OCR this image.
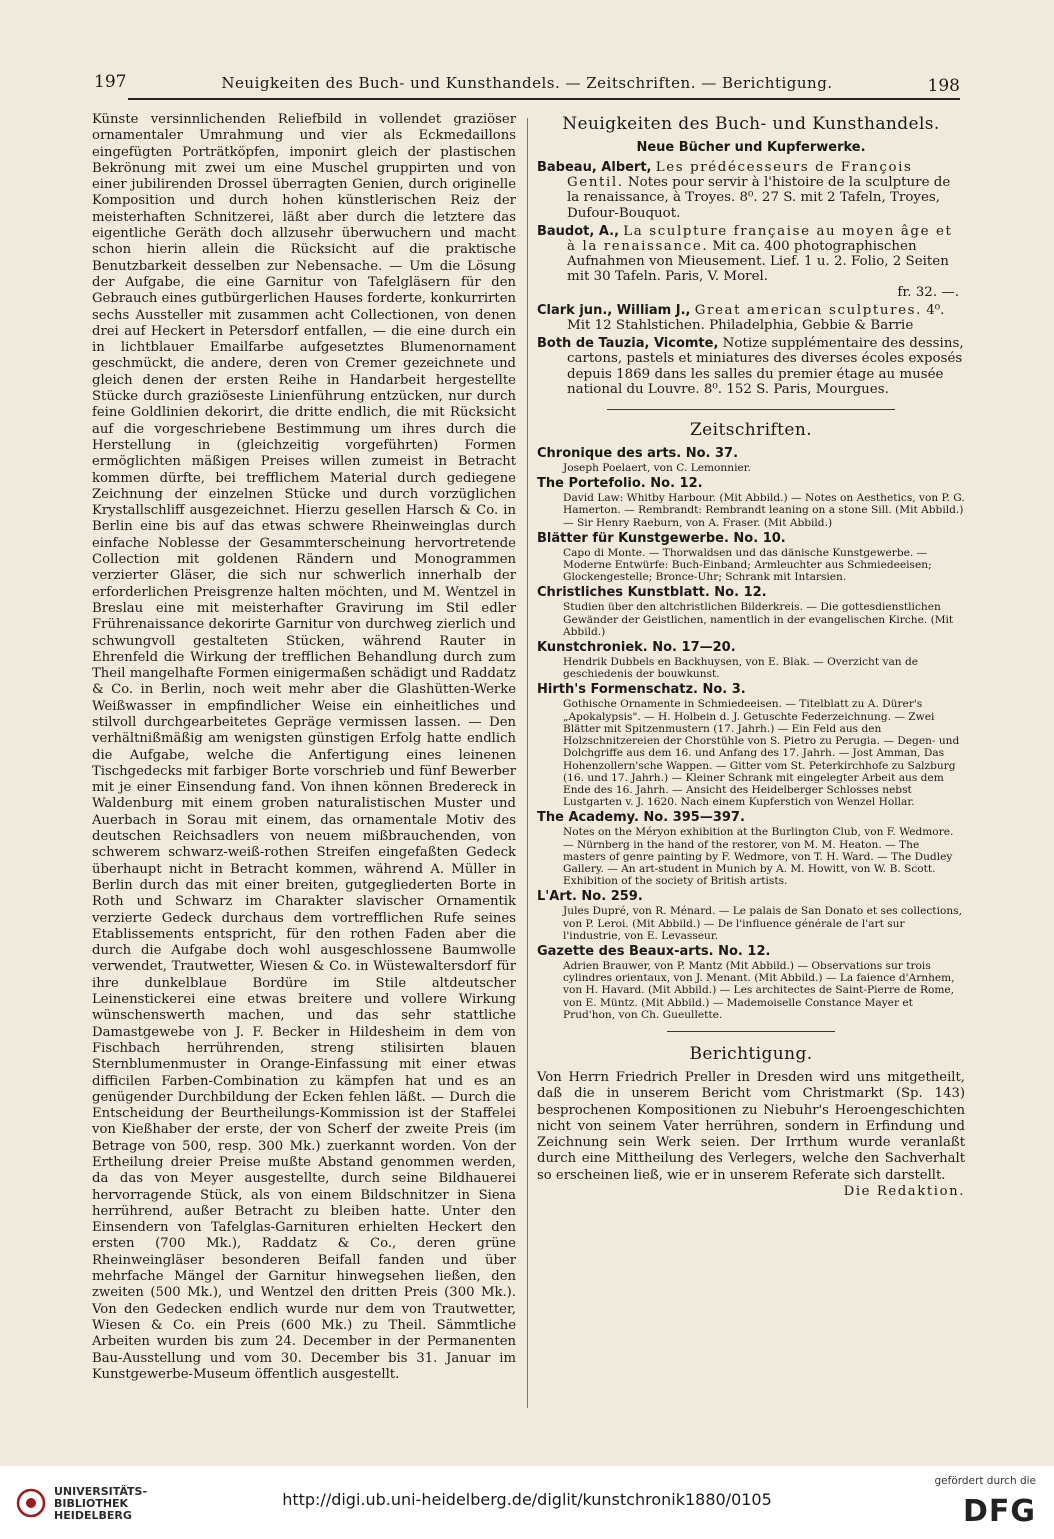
197	Neuigkeiten des Buch- und Kunsthandels. — Zeitschriften. — Berichtigung.	198

Künste versinnlichenden Reliefbild in vollendet graziöser ornamentaler Umrahmung und vier als Eckmedaillons eingefügten Porträtköpfen, imponirt gleich der plastischen Bekrönung mit zwei um eine Muschel gruppirten und von einer jubilirenden Drossel überragten Genien, durch originelle Komposition und durch hohen künstlerischen Reiz der meisterhaften Schnitzerei, läßt aber durch die letztere das eigentliche Geräth doch allzusehr überwuchern und macht schon hierin allein die Rücksicht auf die praktische Benutzbarkeit desselben zur Nebensache. — Um die Lösung der Aufgabe, die eine Garnitur von Tafelgläsern für den Gebrauch eines gutbürgerlichen Hauses forderte, konkurrirten sechs Aussteller mit zusammen acht Collectionen, von denen drei auf Heckert in Petersdorf entfallen, — die eine durch ein in lichtblauer Emailfarbe aufgesetztes Blumenornament geschmückt, die andere, deren von Cremer gezeichnete und gleich denen der ersten Reihe in Handarbeit hergestellte Stücke durch graziöseste Linienführung entzücken, nur durch feine Goldlinien dekorirt, die dritte endlich, die mit Rücksicht auf die vorgeschriebene Bestimmung um ihres durch die Herstellung in (gleichzeitig vorgeführten) Formen ermöglichten mäßigen Preises willen zumeist in Betracht kommen dürfte, bei trefflichem Material durch gediegene Zeichnung der einzelnen Stücke und durch vorzüglichen Krystallschliff ausgezeichnet. Hierzu gesellen Harsch & Co. in Berlin eine bis auf das etwas schwere Rheinweinglas durch einfache Noblesse der Gesammterscheinung hervortretende Collection mit goldenen Rändern und Monogrammen verzierter Gläser, die sich nur schwerlich innerhalb der erforderlichen Preisgrenze halten möchten, und M. Wentzel in Breslau eine mit meisterhafter Gravirung im Stil edler Frührenaissance dekorirte Garnitur von durchweg zierlich und schwungvoll gestalteten Stücken, während Rauter in Ehrenfeld die Wirkung der trefflichen Behandlung durch zum Theil mangelhafte Formen einigermaßen schädigt und Raddatz & Co. in Berlin, noch weit mehr aber die Glashütten-Werke Weißwasser in empfindlicher Weise ein einheitliches und stilvoll durchgearbeitetes Gepräge vermissen lassen. — Den verhältnißmäßig am wenigsten günstigen Erfolg hatte endlich die Aufgabe, welche die Anfertigung eines leinenen Tischgedecks mit farbiger Borte vorschrieb und fünf Bewerber mit je einer Einsendung fand. Von ihnen können Bredereck in Waldenburg mit einem groben naturalistischen Muster und Auerbach in Sorau mit einem, das ornamentale Motiv des deutschen Reichsadlers von neuem mißbrauchenden, von schwerem schwarz-weiß-rothen Streifen eingefaßten Gedeck überhaupt nicht in Betracht kommen, während A. Müller in Berlin durch das mit einer breiten, gutgegliederten Borte in Roth und Schwarz im Charakter slavischer Ornamentik verzierte Gedeck durchaus dem vortrefflichen Rufe seines Etablissements entspricht, für den rothen Faden aber die durch die Aufgabe doch wohl ausgeschlossene Baumwolle verwendet, Trautwetter, Wiesen & Co. in Wüstewaltersdorf für ihre dunkelblaue Bordüre im Stile altdeutscher Leinenstickerei eine etwas breitere und vollere Wirkung wünschenswerth machen, und das sehr stattliche Damastgewebe von J. F. Becker in Hildesheim in dem von Fischbach herrührenden, streng stilisirten blauen Sternblumenmuster in Orange-Einfassung mit einer etwas difficilen Farben-Combination zu kämpfen hat und es an genügender Durchbildung der Ecken fehlen läßt. — Durch die Entscheidung der Beurtheilungs-Kommission ist der Staffelei von Kießhaber der erste, der von Scherf der zweite Preis (im Betrage von 500, resp. 300 Mk.) zuerkannt worden. Von der Ertheilung dreier Preise mußte Abstand genommen werden, da das von Meyer ausgestellte, durch seine Bildhauerei hervorragende Stück, als von einem Bildschnitzer in Siena herrührend, außer Betracht zu bleiben hatte. Unter den Einsendern von Tafelglas-Garnituren erhielten Heckert den ersten (700 Mk.), Raddatz & Co., deren grüne Rheinweingläser besonderen Beifall fanden und über mehrfache Mängel der Garnitur hinwegsehen ließen, den zweiten (500 Mk.), und Wentzel den dritten Preis (300 Mk.). Von den Gedecken endlich wurde nur dem von Trautwetter, Wiesen & Co. ein Preis (600 Mk.) zu Theil. Sämmtliche Arbeiten wurden bis zum 24. December in der Permanenten Bau-Ausstellung und vom 30. December bis 31. Januar im Kunstgewerbe-Museum öffentlich ausgestellt.

Neuigkeiten des Buch- und Kunsthandels.
Neue Bücher und Kupferwerke.
Babeau, Albert, Les prédécesseurs de François Gentil. Notes pour servir à l'histoire de la sculpture de la renaissance, à Troyes. 8⁰. 27 S. mit 2 Tafeln, Troyes, Dufour-Bouquot.
Baudot, A., La sculpture française au moyen âge et à la renaissance. Mit ca. 400 photographischen Aufnahmen von Mieusement. Lief. 1 u. 2. Folio, 2 Seiten mit 30 Tafeln. Paris, V. Morel.
fr. 32. —.
Clark jun., William J., Great american sculptures. 4⁰. Mit 12 Stahlstichen. Philadelphia, Gebbie & Barrie
Both de Tauzia, Vicomte, Notize supplémentaire des dessins, cartons, pastels et miniatures des diverses écoles exposés depuis 1869 dans les salles du premier étage au musée national du Louvre. 8⁰. 152 S. Paris, Mourgues.
Zeitschriften.
Chronique des arts. No. 37.

Joseph Poelaert, von C. Lemonnier.

The Portefolio. No. 12.

David Law: Whitby Harbour. (Mit Abbild.) — Notes on Aesthetics, von P. G. Hamerton. — Rembrandt: Rembrandt leaning on a stone Sill. (Mit Abbild.) — Sir Henry Raeburn, von A. Fraser. (Mit Abbild.)

Blätter für Kunstgewerbe. No. 10.

Capo di Monte. — Thorwaldsen und das dänische Kunstgewerbe. — Moderne Entwürfe: Buch-Einband; Armleuchter aus Schmiedeeisen; Glockengestelle; Bronce-Uhr; Schrank mit Intarsien.

Christliches Kunstblatt. No. 12.

Studien über den altchristlichen Bilderkreis. — Die gottesdienstlichen Gewänder der Geistlichen, namentlich in der evangelischen Kirche. (Mit Abbild.)

Kunstchroniek. No. 17—20.

Hendrik Dubbels en Backhuysen, von E. Blak. — Overzicht van de geschiedenis der bouwkunst.

Hirth's Formenschatz. No. 3.

Gothische Ornamente in Schmiedeeisen. — Titelblatt zu A. Dürer's „Apokalypsis". — H. Holbein d. J. Getuschte Federzeichnung. — Zwei Blätter mit Spitzenmustern (17. Jahrh.) — Ein Feld aus den Holzschnitzereien der Chorstühle von S. Pietro zu Perugia. — Degen- und Dolchgriffe aus dem 16. und Anfang des 17. Jahrh. — Jost Amman, Das Hohenzollern'sche Wappen. — Gitter vom St. Peterkirchhofe zu Salzburg (16. und 17. Jahrh.) — Kleiner Schrank mit eingelegter Arbeit aus dem Ende des 16. Jahrh. — Ansicht des Heidelberger Schlosses nebst Lustgarten v. J. 1620. Nach einem Kupferstich von Wenzel Hollar.

The Academy. No. 395—397.

Notes on the Méryon exhibition at the Burlington Club, von F. Wedmore. — Nürnberg in the hand of the restorer, von M. M. Heaton. — The masters of genre painting by F. Wedmore, von T. H. Ward. — The Dudley Gallery. — An art-student in Munich by A. M. Howitt, von W. B. Scott. Exhibition of the society of British artists.

L'Art. No. 259.

Jules Dupré, von R. Ménard. — Le palais de San Donato et ses collections, von P. Leroi. (Mit Abbild.) — De l'influence générale de l'art sur l'industrie, von E. Levasseur.

Gazette des Beaux-arts. No. 12.

Adrien Brauwer, von P. Mantz (Mit Abbild.) — Observations sur trois cylindres orientaux, von J. Menant. (Mit Abbild.) — La faience d'Arnhem, von H. Havard. (Mit Abbild.) — Les architectes de Saint-Pierre de Rome, von E. Müntz. (Mit Abbild.) — Mademoiselle Constance Mayer et Prud'hon, von Ch. Gueullette.

Berichtigung.

Von Herrn Friedrich Preller in Dresden wird uns mitgetheilt, daß die in unserem Bericht vom Christmarkt (Sp. 143) besprochenen Kompositionen zu Niebuhr's Heroengeschichten nicht von seinem Vater herrühren, sondern in Erfindung und Zeichnung sein Werk seien. Der Irrthum wurde veranlaßt durch eine Mittheilung des Verlegers, welche den Sachverhalt so erscheinen ließ, wie er in unserem Referate sich darstellt.

Die Redaktion.
UNIVERSITÄTS-
BIBLIOTHEK
HEIDELBERG
http://digi.ub.uni-heidelberg.de/diglit/kunstchronik1880/0105
gefördert durch die
DFG
